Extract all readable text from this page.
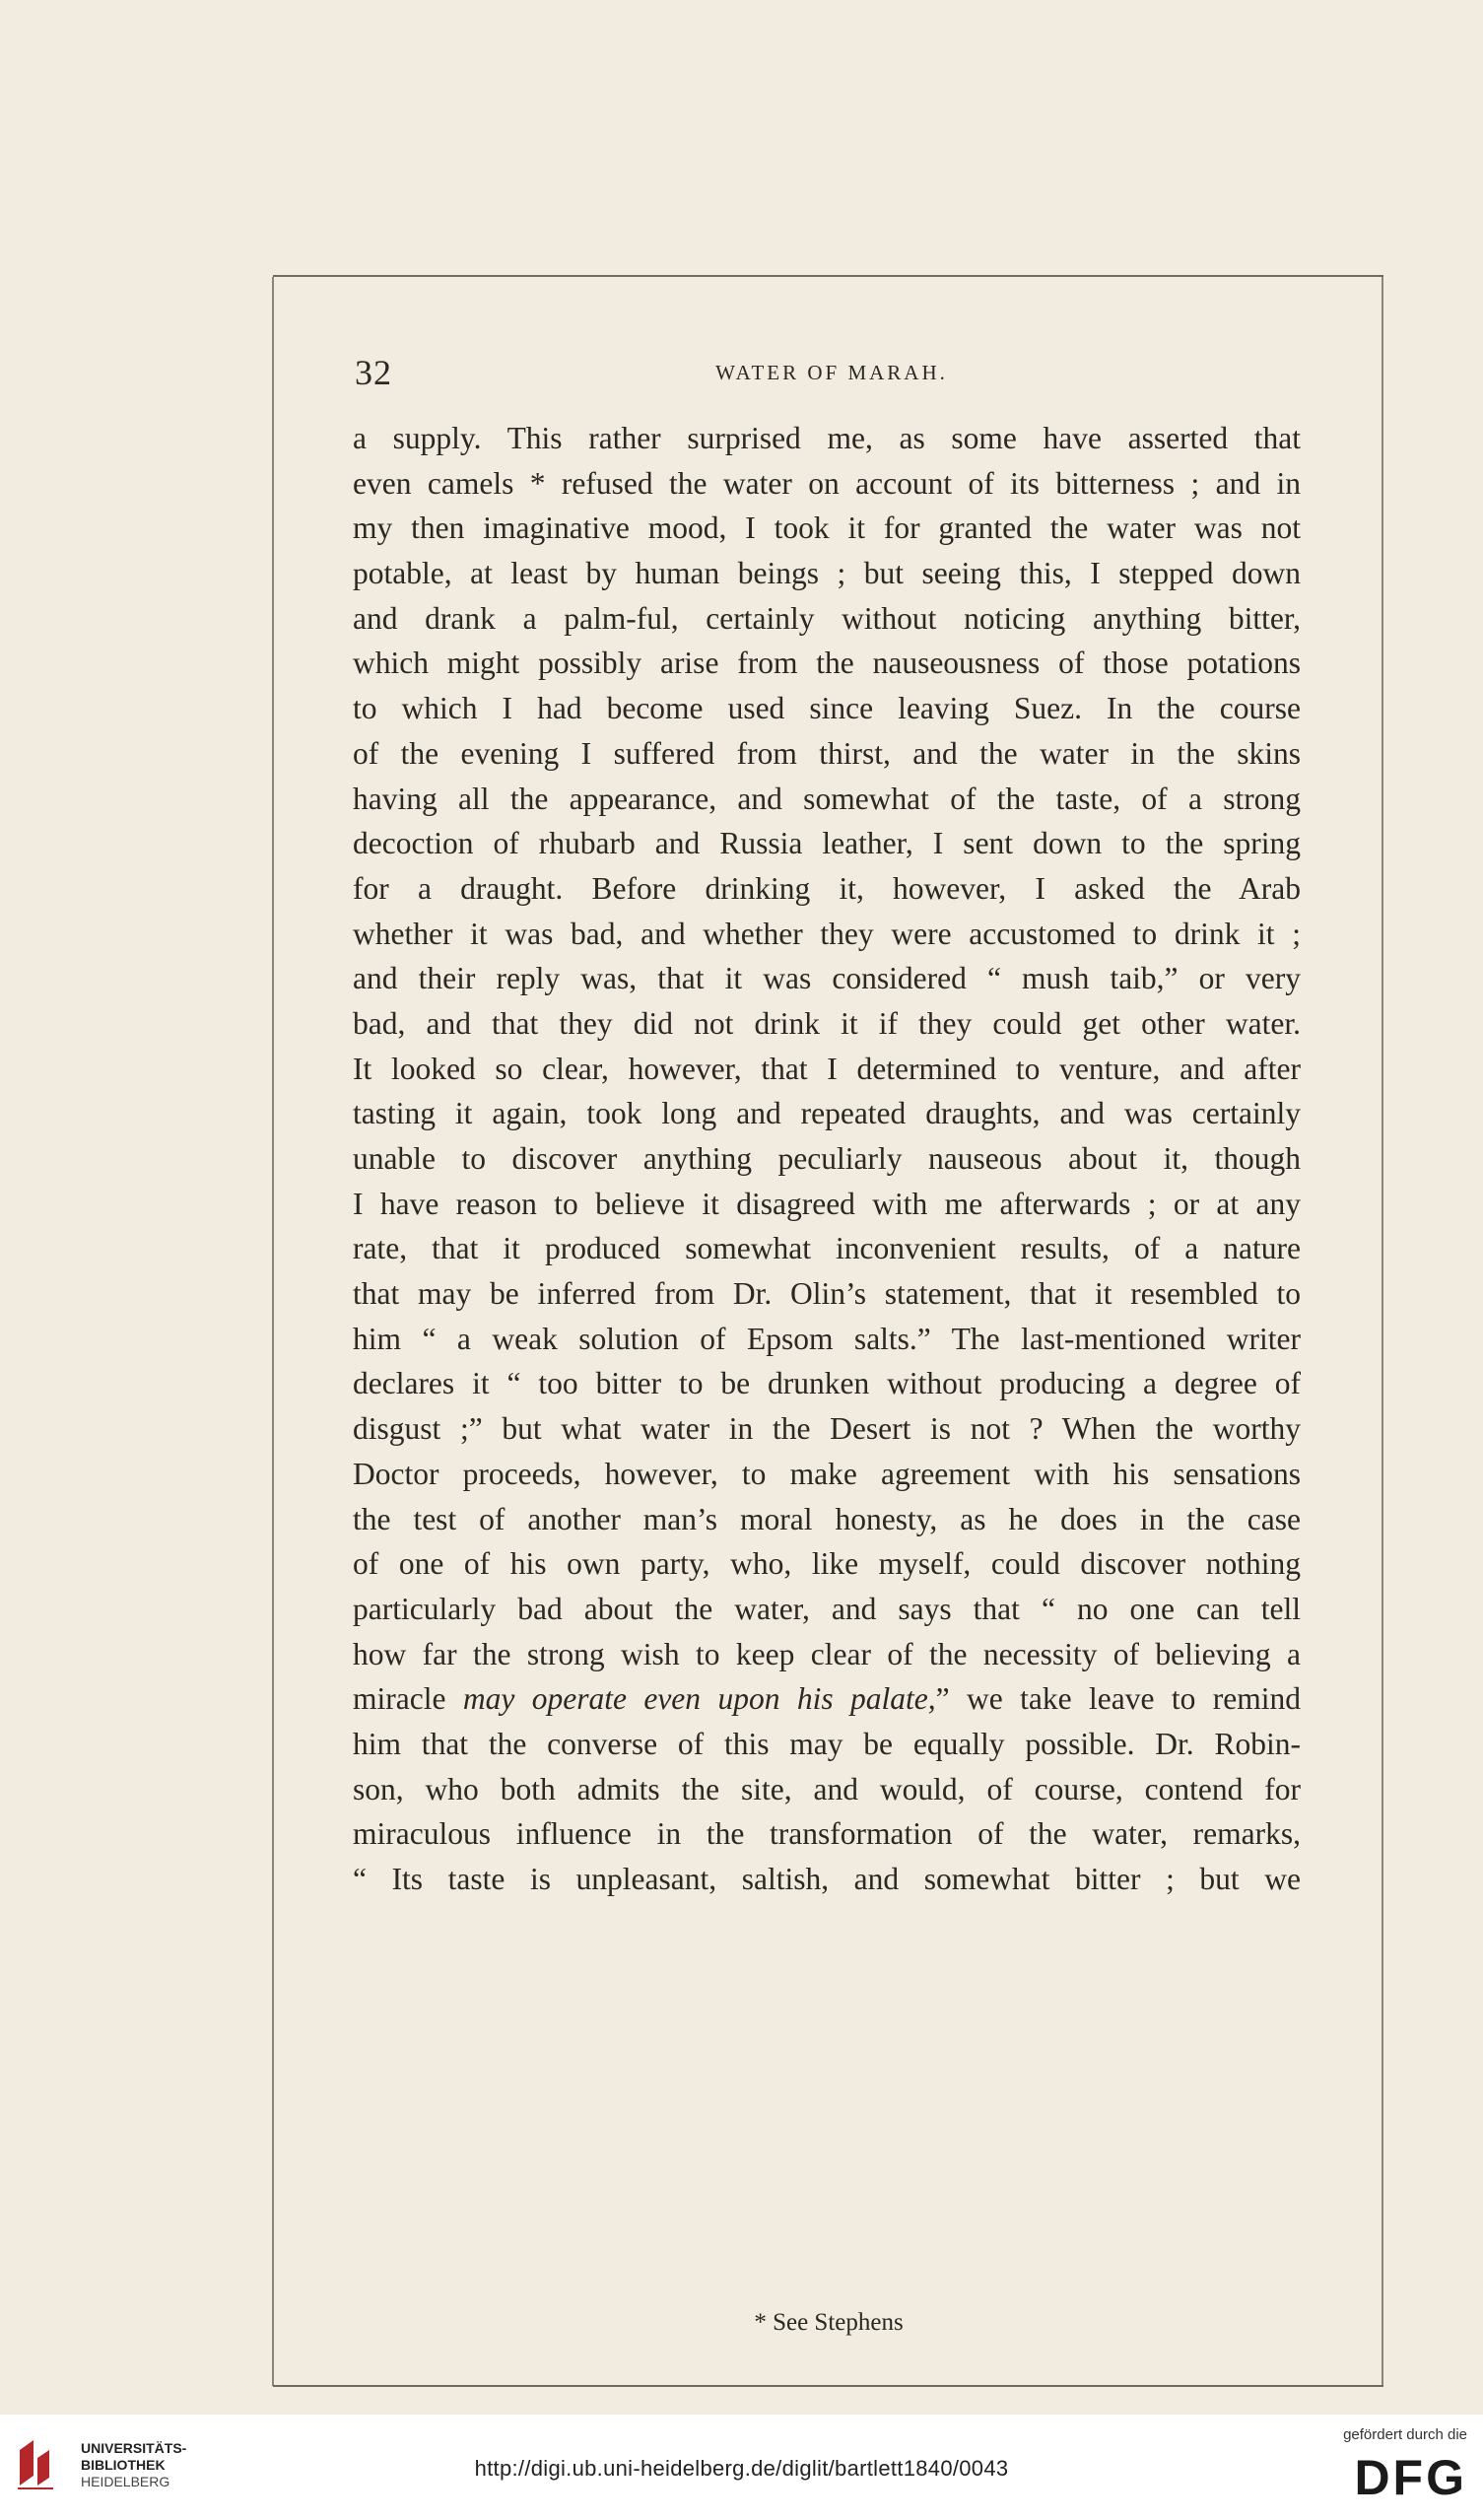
32	WATER OF MARAH.
a supply. This rather surprised me, as some have asserted that
even camels * refused the water on account of its bitterness ; and in
my then imaginative mood, I took it for granted the water was not
potable, at least by human beings ; but seeing this, I stepped down
and drank a palm-ful, certainly without noticing anything bitter,
which might possibly arise from the nauseousness of those potations
to which I had become used since leaving Suez. In the course
of the evening I suffered from thirst, and the water in the skins
having all the appearance, and somewhat of the taste, of a strong
decoction of rhubarb and Russia leather, I sent down to the spring
for a draught. Before drinking it, however, I asked the Arab
whether it was bad, and whether they were accustomed to drink it ;
and their reply was, that it was considered “ mush taib,” or very
bad, and that they did not drink it if they could get other water.
It looked so clear, however, that I determined to venture, and after
tasting it again, took long and repeated draughts, and was certainly
unable to discover anything peculiarly nauseous about it, though
I have reason to believe it disagreed with me afterwards ; or at any
rate, that it produced somewhat inconvenient results, of a nature
that may be inferred from Dr. Olin’s statement, that it resembled to
him “ a weak solution of Epsom salts.” The last-mentioned writer
declares it “ too bitter to be drunken without producing a degree of
disgust ;” but what water in the Desert is not ? When the worthy
Doctor proceeds, however, to make agreement with his sensations
the test of another man’s moral honesty, as he does in the case
of one of his own party, who, like myself, could discover nothing
particularly bad about the water, and says that “ no one can tell
how far the strong wish to keep clear of the necessity of believing a
miracle may operate even upon his palate,” we take leave to remind
him that the converse of this may be equally possible. Dr. Robin-
son, who both admits the site, and would, of course, contend for
miraculous influence in the transformation of the water, remarks,
“ Its taste is unpleasant, saltish, and somewhat bitter ; but we
* See Stephens
UNIVERSITÄTS-
BIBLIOTHEK
HEIDELBERG
http://digi.ub.uni-heidelberg.de/diglit/bartlett1840/0043
gefördert durch die
DFG
